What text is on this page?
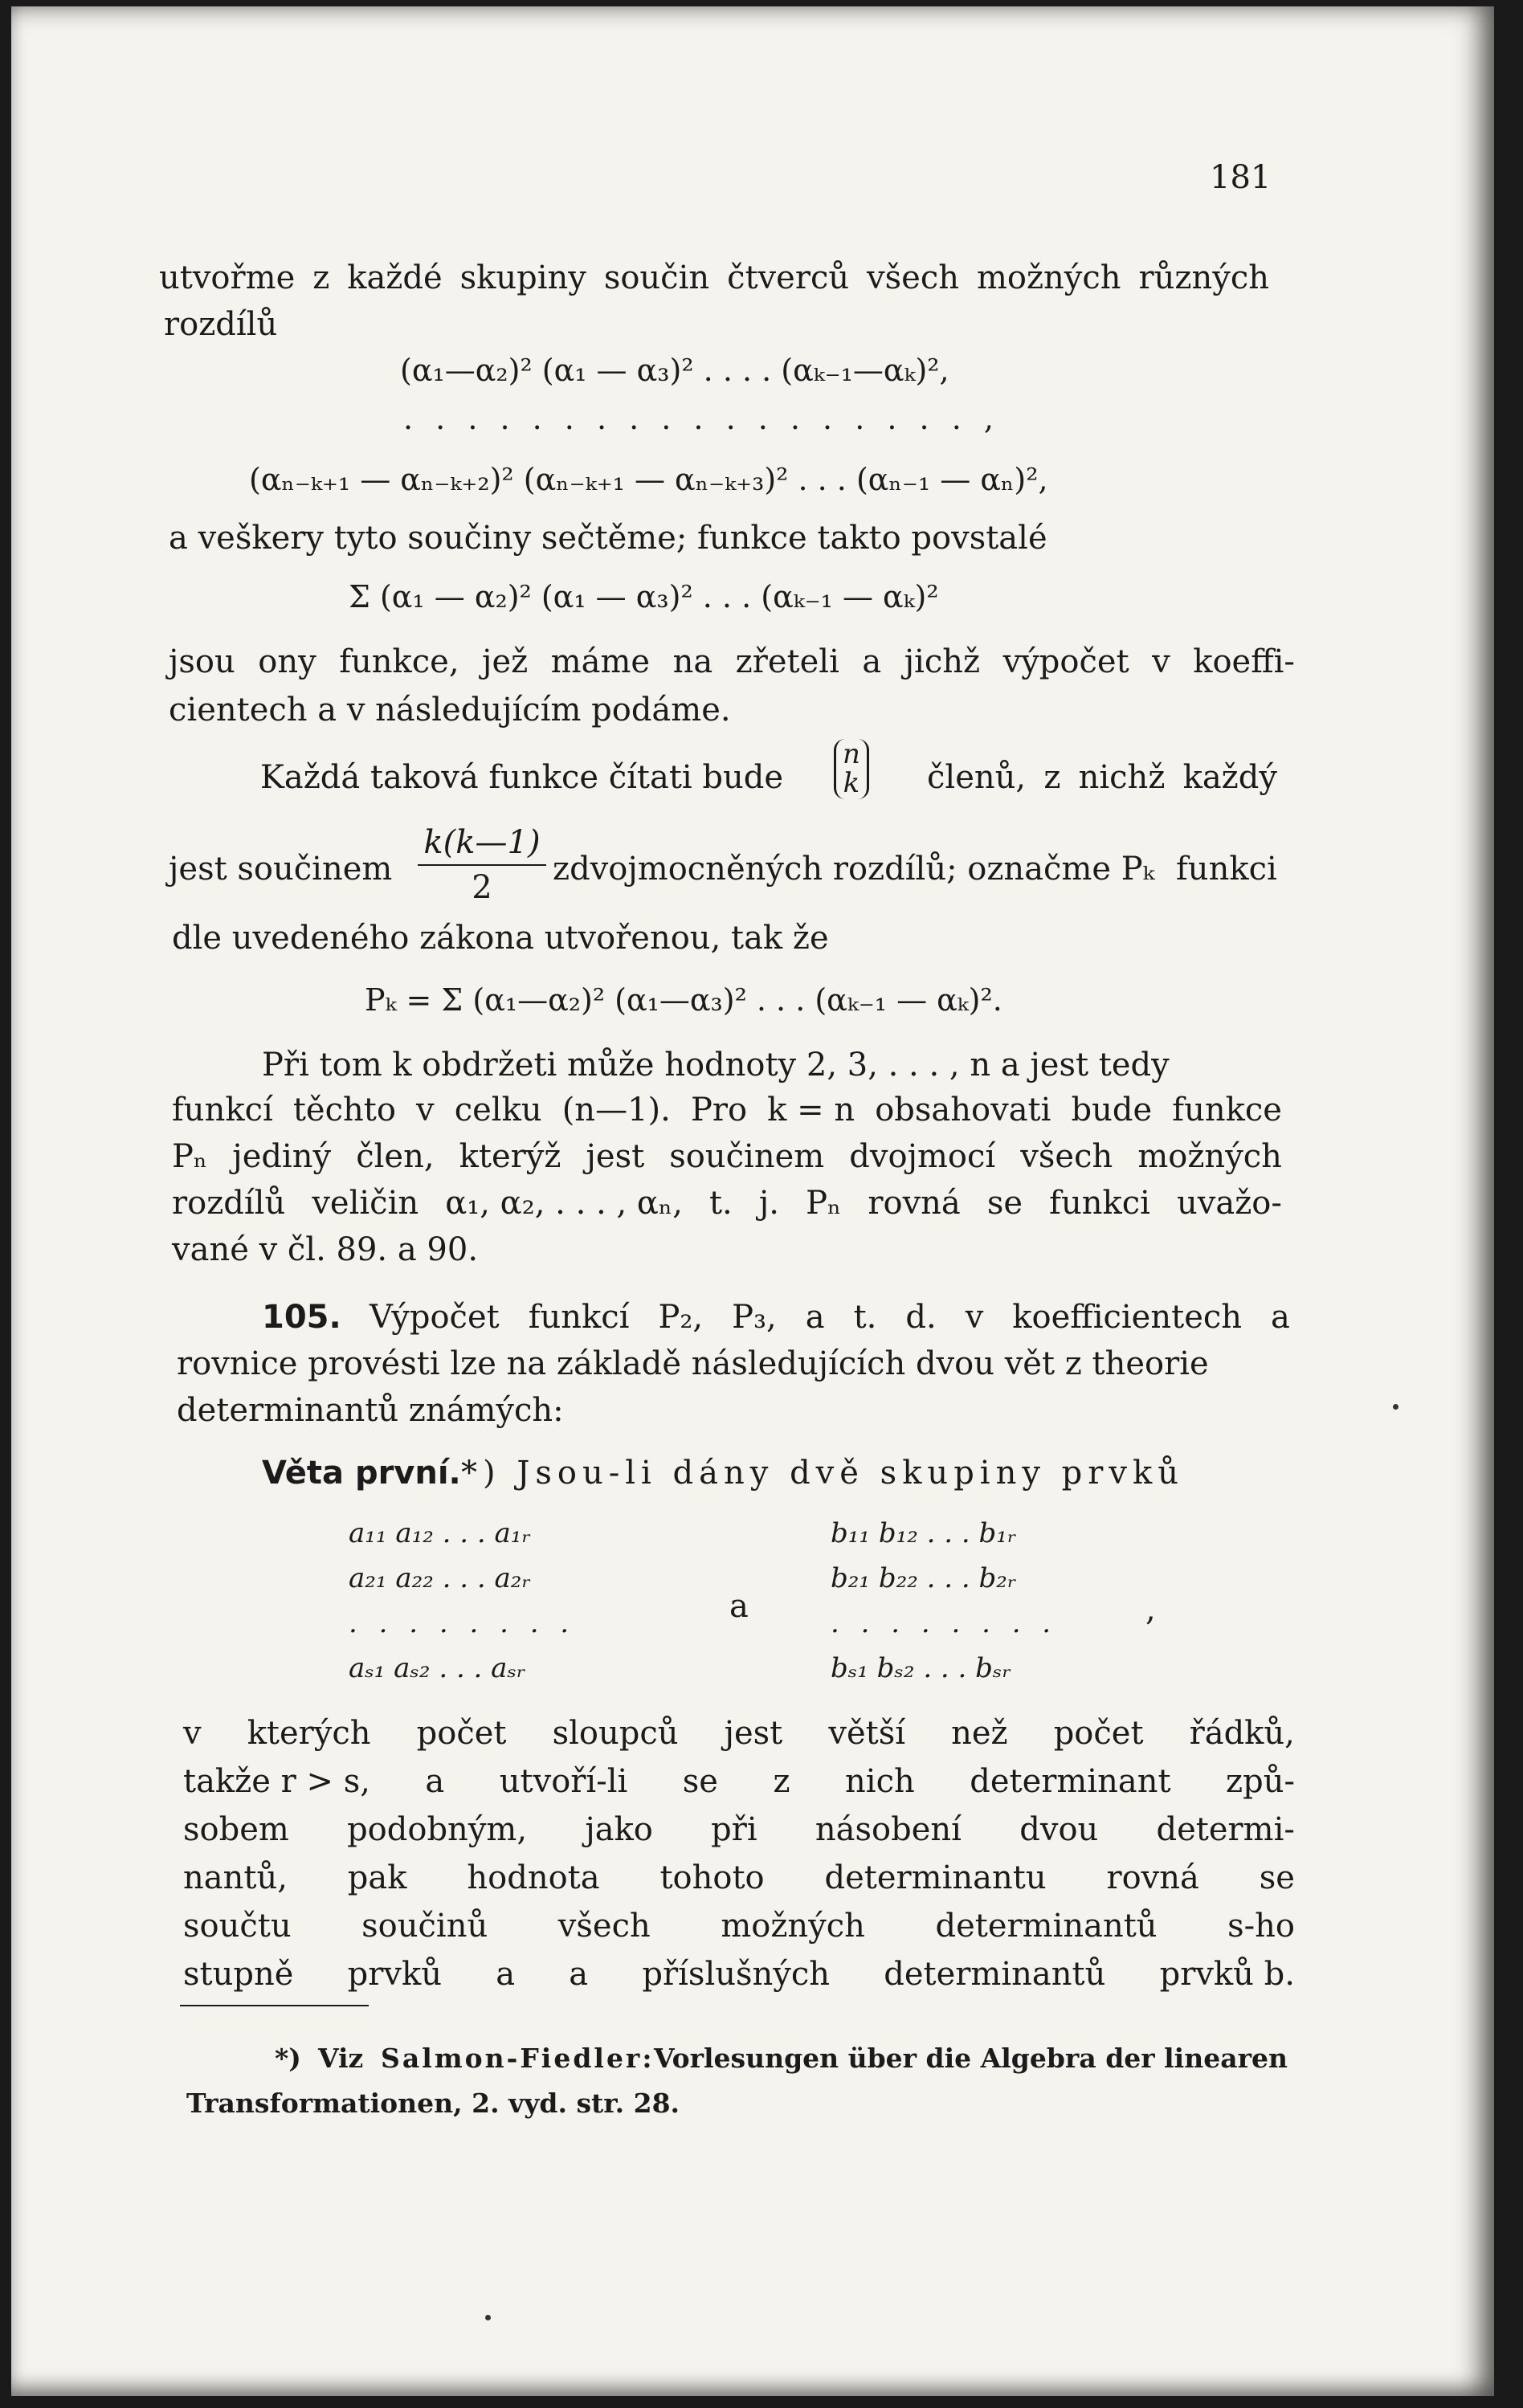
181
utvořme z každé skupiny součin čtverců všech možných různých
rozdílů
(α₁—α₂)² (α₁ — α₃)² . . . . (αₖ₋₁—αₖ)²,
. . . . . . . . . . . . . . . . . . ,
(αₙ₋ₖ₊₁ — αₙ₋ₖ₊₂)² (αₙ₋ₖ₊₁ — αₙ₋ₖ₊₃)² . . . (αₙ₋₁ — αₙ)²,
a veškery tyto součiny sečtěme; funkce takto povstalé
Σ (α₁ — α₂)² (α₁ — α₃)² . . . (αₖ₋₁ — αₖ)²
jsou ony funkce, jež máme na zřeteli a jichž výpočet v koeffi-
cientech a v následujícím podáme.
Každá taková funkce čítati bude
n
k členů, z nichž každý
jest součinem
k(k—1)
2	zdvojmocněných rozdílů; označme Pₖ funkci
dle uvedeného zákona utvořenou, tak že
Pₖ = Σ (α₁—α₂)² (α₁—α₃)² . . . (αₖ₋₁ — αₖ)².
Při tom k obdržeti může hodnoty 2, 3, . . . , n a jest tedy
funkcí těchto v celku (n—1). Pro k = n obsahovati bude funkce
Pₙ jediný člen, kterýž jest součinem dvojmocí všech možných
rozdílů veličin α₁, α₂, . . . , αₙ, t. j. Pₙ rovná se funkci uvažo-
vané v čl. 89. a 90.
105. Výpočet funkcí P₂, P₃, a t. d. v koefficientech a
rovnice provésti lze na základě následujících dvou vět z theorie
determinantů známých:
Věta první. *) Jsou-li dány dvě skupiny prvků
a₁₁ a₁₂ . . . a₁ᵣ
a₂₁ a₂₂ . . . a₂ᵣ
. . . . . . . .
aₛ₁ aₛ₂ . . . aₛᵣ
a
b₁₁ b₁₂ . . . b₁ᵣ
b₂₁ b₂₂ . . . b₂ᵣ
. . . . . . . .
bₛ₁ bₛ₂ . . . bₛᵣ
,
v kterých počet sloupců jest větší než počet řádků,
takže r > s, a utvoří-li se z nich determinant způ-
sobem podobným, jako při násobení dvou determi-
nantů, pak hodnota tohoto determinantu rovná se
součtu součinů všech možných determinantů s-ho
stupně prvků a a příslušných determinantů prvků b.
*) Viz Salmon-Fiedler: Vorlesungen über die Algebra der linearen
Transformationen, 2. vyd. str. 28.
